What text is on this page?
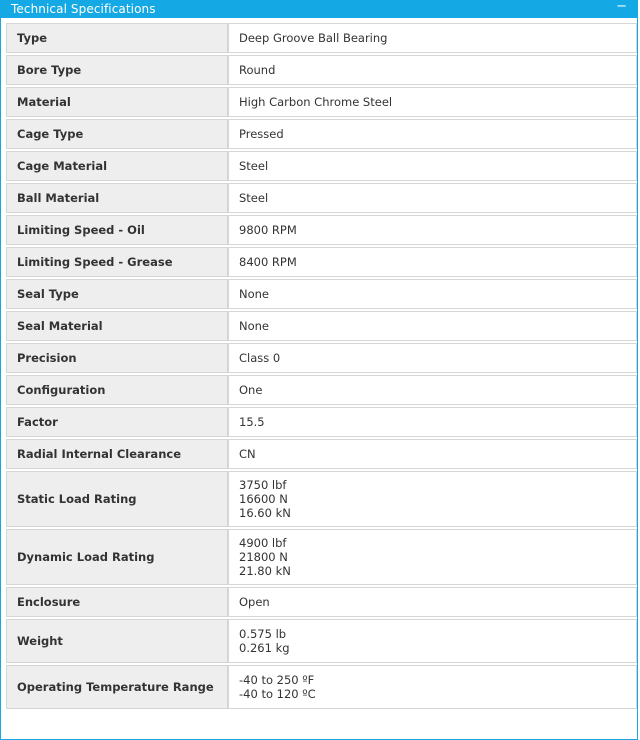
Technical Specifications	−
Type	Deep Groove Ball Bearing
Bore Type	Round
Material	High Carbon Chrome Steel
Cage Type	Pressed
Cage Material	Steel
Ball Material	Steel
Limiting Speed - Oil	9800 RPM
Limiting Speed - Grease	8400 RPM
Seal Type	None
Seal Material	None
Precision	Class 0
Configuration	One
Factor	15.5
Radial Internal Clearance	CN
Static Load Rating	3750 lbf
16600 N
16.60 kN

Dynamic Load Rating	4900 lbf
21800 N
21.80 kN

Enclosure	Open
Weight	0.575 lb
0.261 kg

Operating Temperature Range	-40 to 250 ºF
-40 to 120 ºC
